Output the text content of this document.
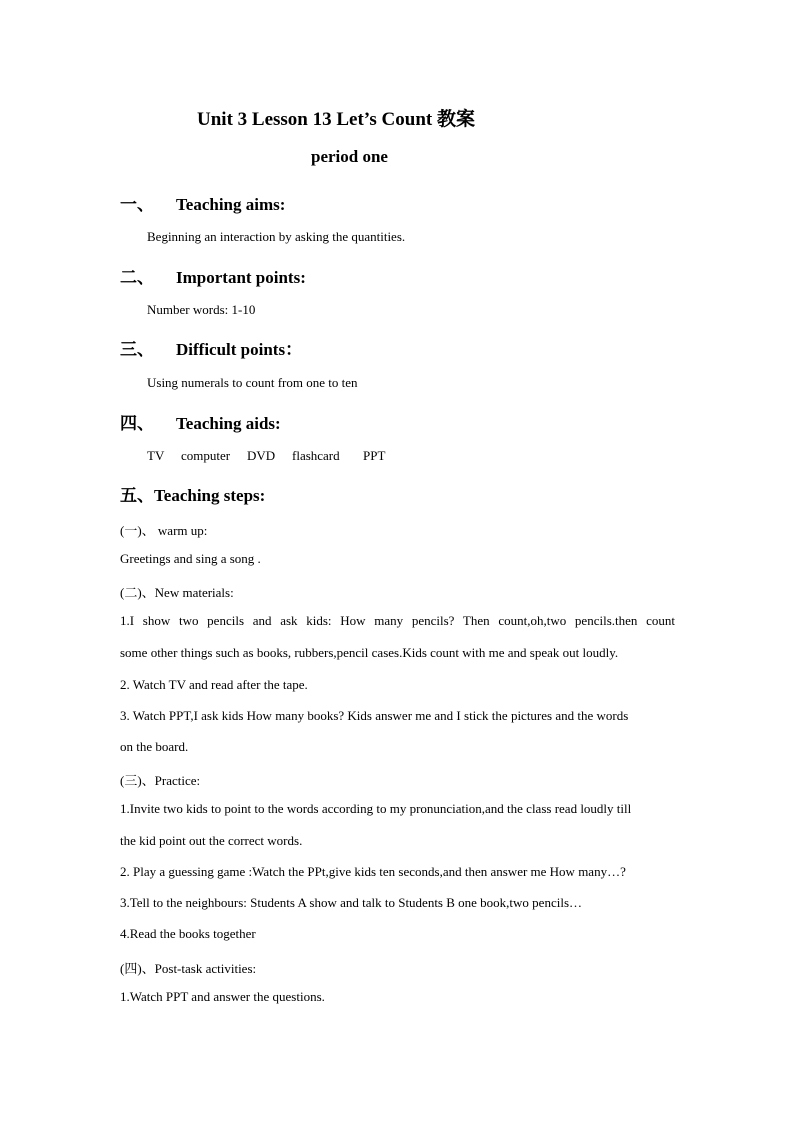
Unit 3 Lesson 13 Let’s Count 教案
period one
一、	Teaching aims:
Beginning an interaction by asking the quantities.
二、	Important points:
Number words: 1-10
三、	Difficult points：
Using numerals to count from one to ten
四、	Teaching aids:
TV computer DVD flashcard PPT
五、 Teaching steps:
(一)、 warm up:
Greetings and sing a song .
(二)、New materials:
1.I show two pencils and ask kids: How many pencils? Then count,oh,two pencils.then count
some other things such as books, rubbers,pencil cases.Kids count with me and speak out loudly.
2. Watch TV and read after the tape.
3. Watch PPT,I ask kids How many books? Kids answer me and I stick the pictures and the words
on the board.
(三)、Practice:
1.Invite two kids to point to the words according to my pronunciation,and the class read loudly till
the kid point out the correct words.
2. Play a guessing game :Watch the PPt,give kids ten seconds,and then answer me How many…?
3.Tell to the neighbours: Students A show and talk to Students B one book,two pencils…
4.Read the books together
(四)、Post-task activities:
1.Watch PPT and answer the questions.
